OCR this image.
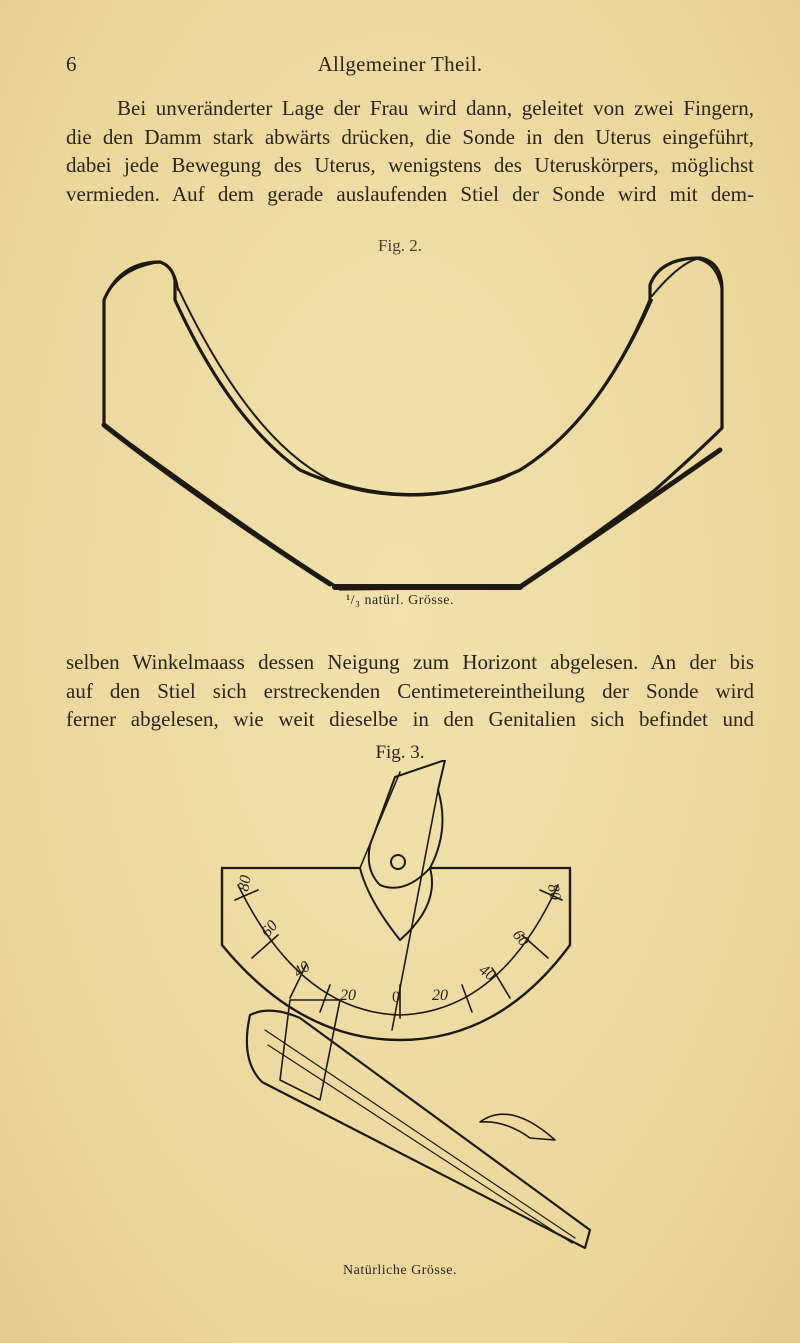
6	Allgemeiner Theil.
Bei unveränderter Lage der Frau wird dann, geleitet von zwei Fingern,
die den Damm stark abwärts drücken, die Sonde in den Uterus eingeführt,
dabei jede Bewegung des Uterus, wenigstens des Uteruskörpers, möglichst
vermieden. Auf dem gerade auslaufenden Stiel der Sonde wird mit dem-
Fig. 2.
¹/₃ natürl. Grösse.
selben Winkelmaass dessen Neigung zum Horizont abgelesen. An der bis
auf den Stiel sich erstreckenden Centimetereintheilung der Sonde wird
ferner abgelesen, wie weit dieselbe in den Genitalien sich befindet und
Fig. 3.
80
60
40
20 0 20
40
60
80
Natürliche Grösse.
